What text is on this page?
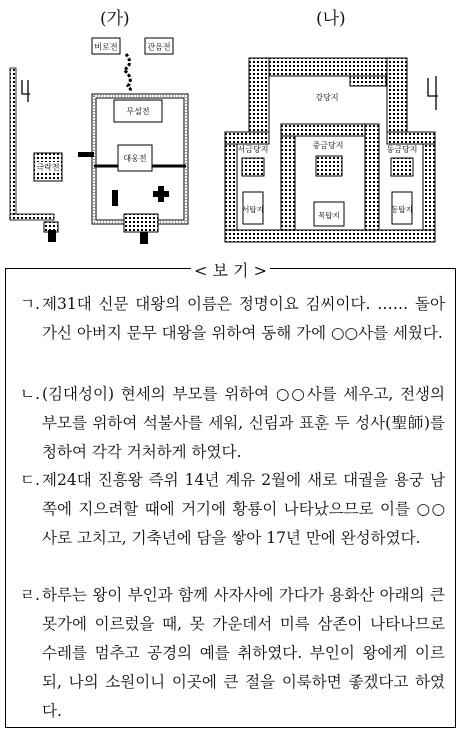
(가)	(나)
비로전	관음전
무설전
대웅전
극락전
강당지
서금당지	중금당지	동금당지
서탑지
목탑지
동탑지
4
< 보 기 >
ㄱ. 제31대 신문 대왕의 이름은 정명이요 김씨이다. …… 돌아가신 아버지 문무 대왕을 위하여 동해 가에 ○○사를 세웠다.
ㄴ. (김대성이) 현세의 부모를 위하여 ○○사를 세우고, 전생의 부모를 위하여 석불사를 세워, 신림과 표훈 두 성사(聖師)를 청하여 각각 거처하게 하였다.
ㄷ. 제24대 진흥왕 즉위 14년 계유 2월에 새로 대궐을 용궁 남쪽에 지으려할 때에 거기에 황룡이 나타났으므로 이를 ○○사로 고치고, 기축년에 담을 쌓아 17년 만에 완성하였다.
ㄹ. 하루는 왕이 부인과 함께 사자사에 가다가 용화산 아래의 큰 못가에 이르렀을 때, 못 가운데서 미륵 삼존이 나타나므로 수레를 멈추고 공경의 예를 취하였다. 부인이 왕에게 이르되, 나의 소원이니 이곳에 큰 절을 이룩하면 좋겠다고 하였다.
